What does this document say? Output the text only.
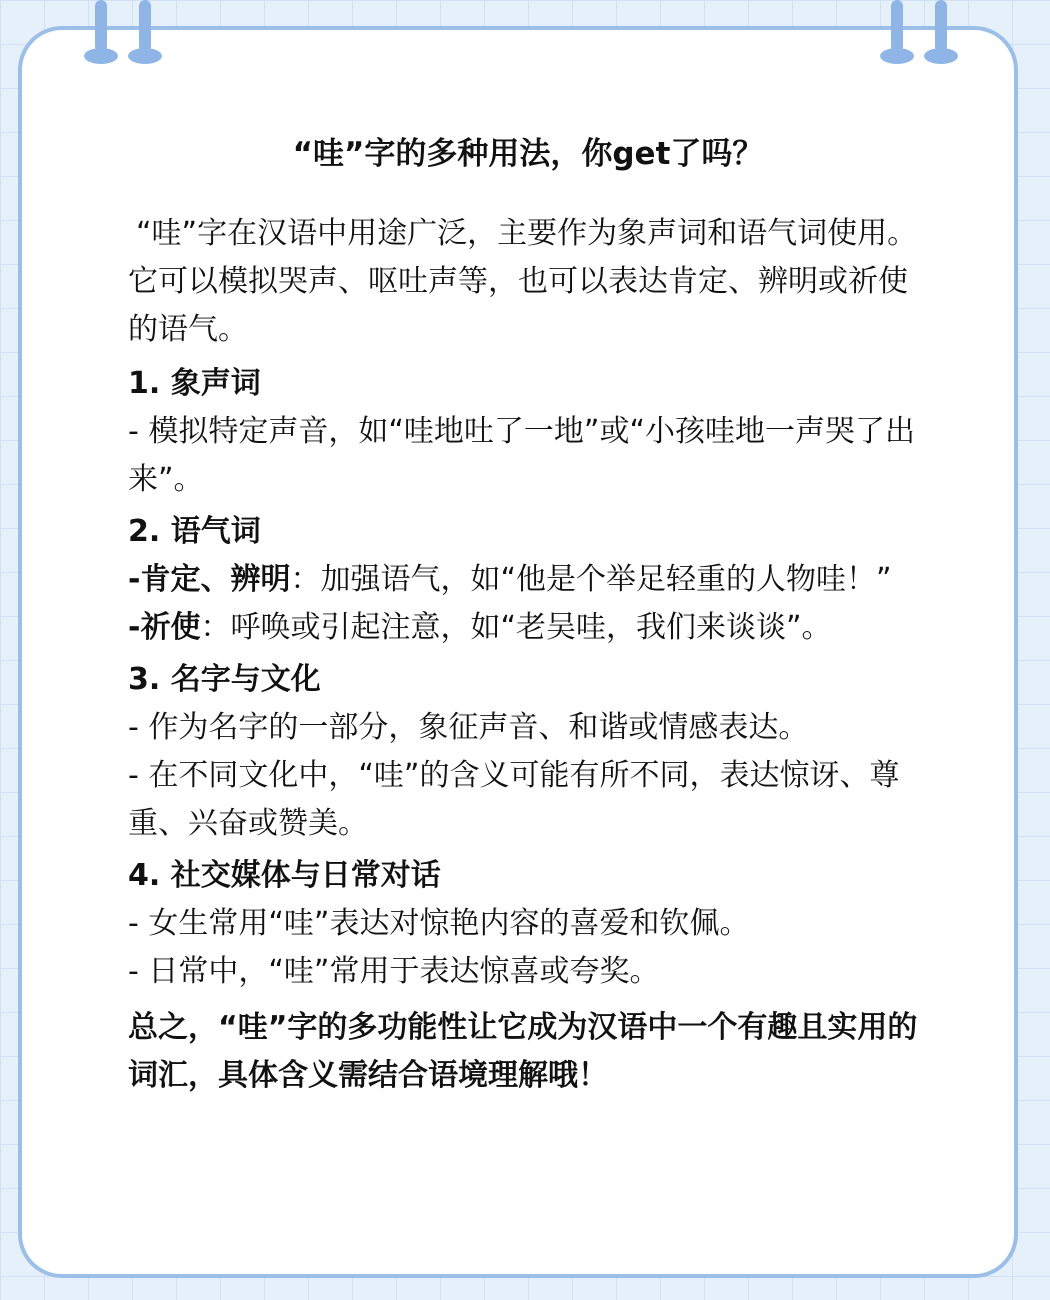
“哇”字的多种用法，你get了吗？

“哇”字在汉语中用途广泛，主要作为象声词和语气词使用。它可以模拟哭声、呕吐声等，也可以表达肯定、辨明或祈使的语气。

1. 象声词

- 模拟特定声音，如“哇地吐了一地”或“小孩哇地一声哭了出来”。

2. 语气词

-肯定、辨明：加强语气，如“他是个举足轻重的人物哇！”

-祈使：呼唤或引起注意，如“老吴哇，我们来谈谈”。

3. 名字与文化

- 作为名字的一部分，象征声音、和谐或情感表达。

- 在不同文化中，“哇”的含义可能有所不同，表达惊讶、尊重、兴奋或赞美。

4. 社交媒体与日常对话

- 女生常用“哇”表达对惊艳内容的喜爱和钦佩。

- 日常中，“哇”常用于表达惊喜或夸奖。

总之，“哇”字的多功能性让它成为汉语中一个有趣且实用的词汇，具体含义需结合语境理解哦！
